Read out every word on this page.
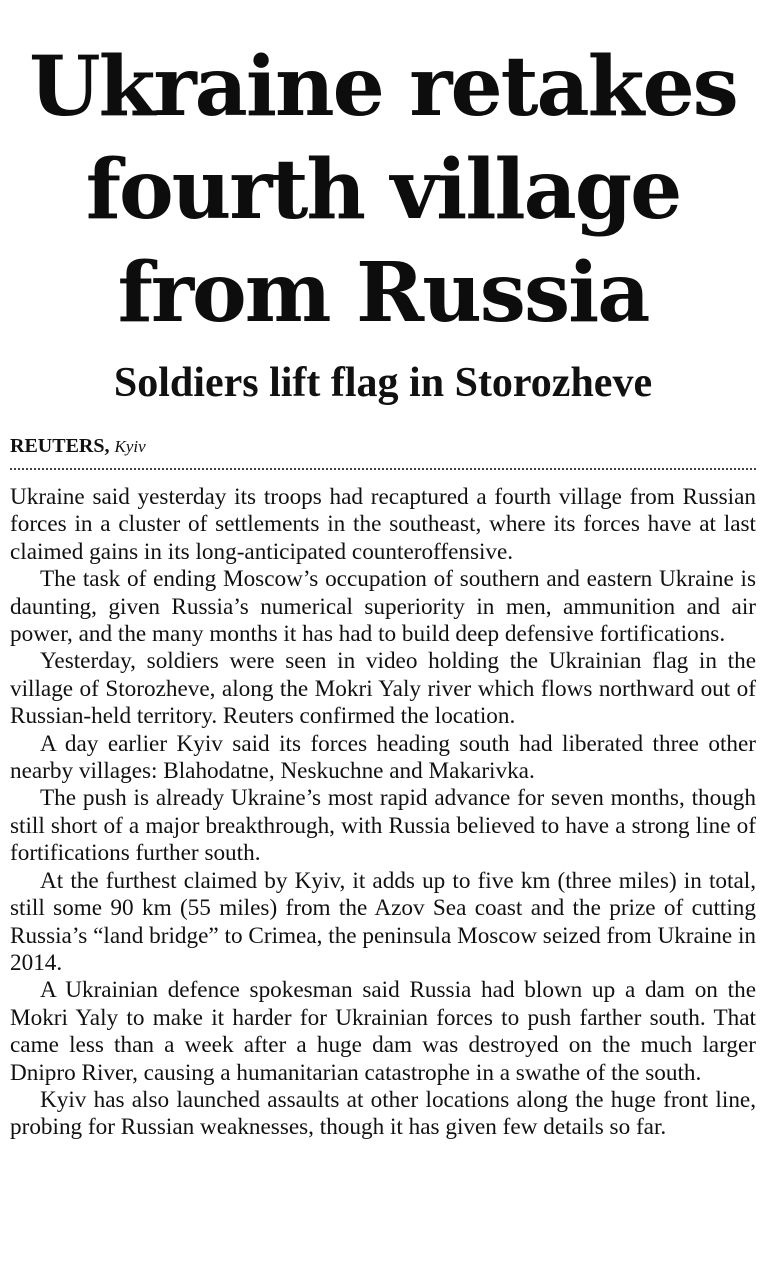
Ukraine retakes
fourth village
from Russia
Soldiers lift flag in Storozheve
REUTERS, Kyiv

Ukraine said yesterday its troops had recaptured a fourth village from Russian forces in a cluster of settlements in the southeast, where its forces have at last claimed gains in its long-anticipated counteroffensive.

The task of ending Moscow’s occupation of southern and eastern Ukraine is daunting, given Russia’s numerical superiority in men, ammunition and air power, and the many months it has had to build deep defensive fortifications.

Yesterday, soldiers were seen in video holding the Ukrainian flag in the village of Storozheve, along the Mokri Yaly river which flows northward out of Russian-held territory. Reuters confirmed the location.

A day earlier Kyiv said its forces heading south had liberated three other nearby villages: Blahodatne, Neskuchne and Makarivka.

The push is already Ukraine’s most rapid advance for seven months, though still short of a major breakthrough, with Russia believed to have a strong line of fortifications further south.

At the furthest claimed by Kyiv, it adds up to five km (three miles) in total, still some 90 km (55 miles) from the Azov Sea coast and the prize of cutting Russia’s “land bridge” to Crimea, the peninsula Moscow seized from Ukraine in 2014.

A Ukrainian defence spokesman said Russia had blown up a dam on the Mokri Yaly to make it harder for Ukrainian forces to push farther south. That came less than a week after a huge dam was destroyed on the much larger Dnipro River, causing a humanitarian catastrophe in a swathe of the south.

Kyiv has also launched assaults at other locations along the huge front line, probing for Russian weaknesses, though it has given few details so far.
